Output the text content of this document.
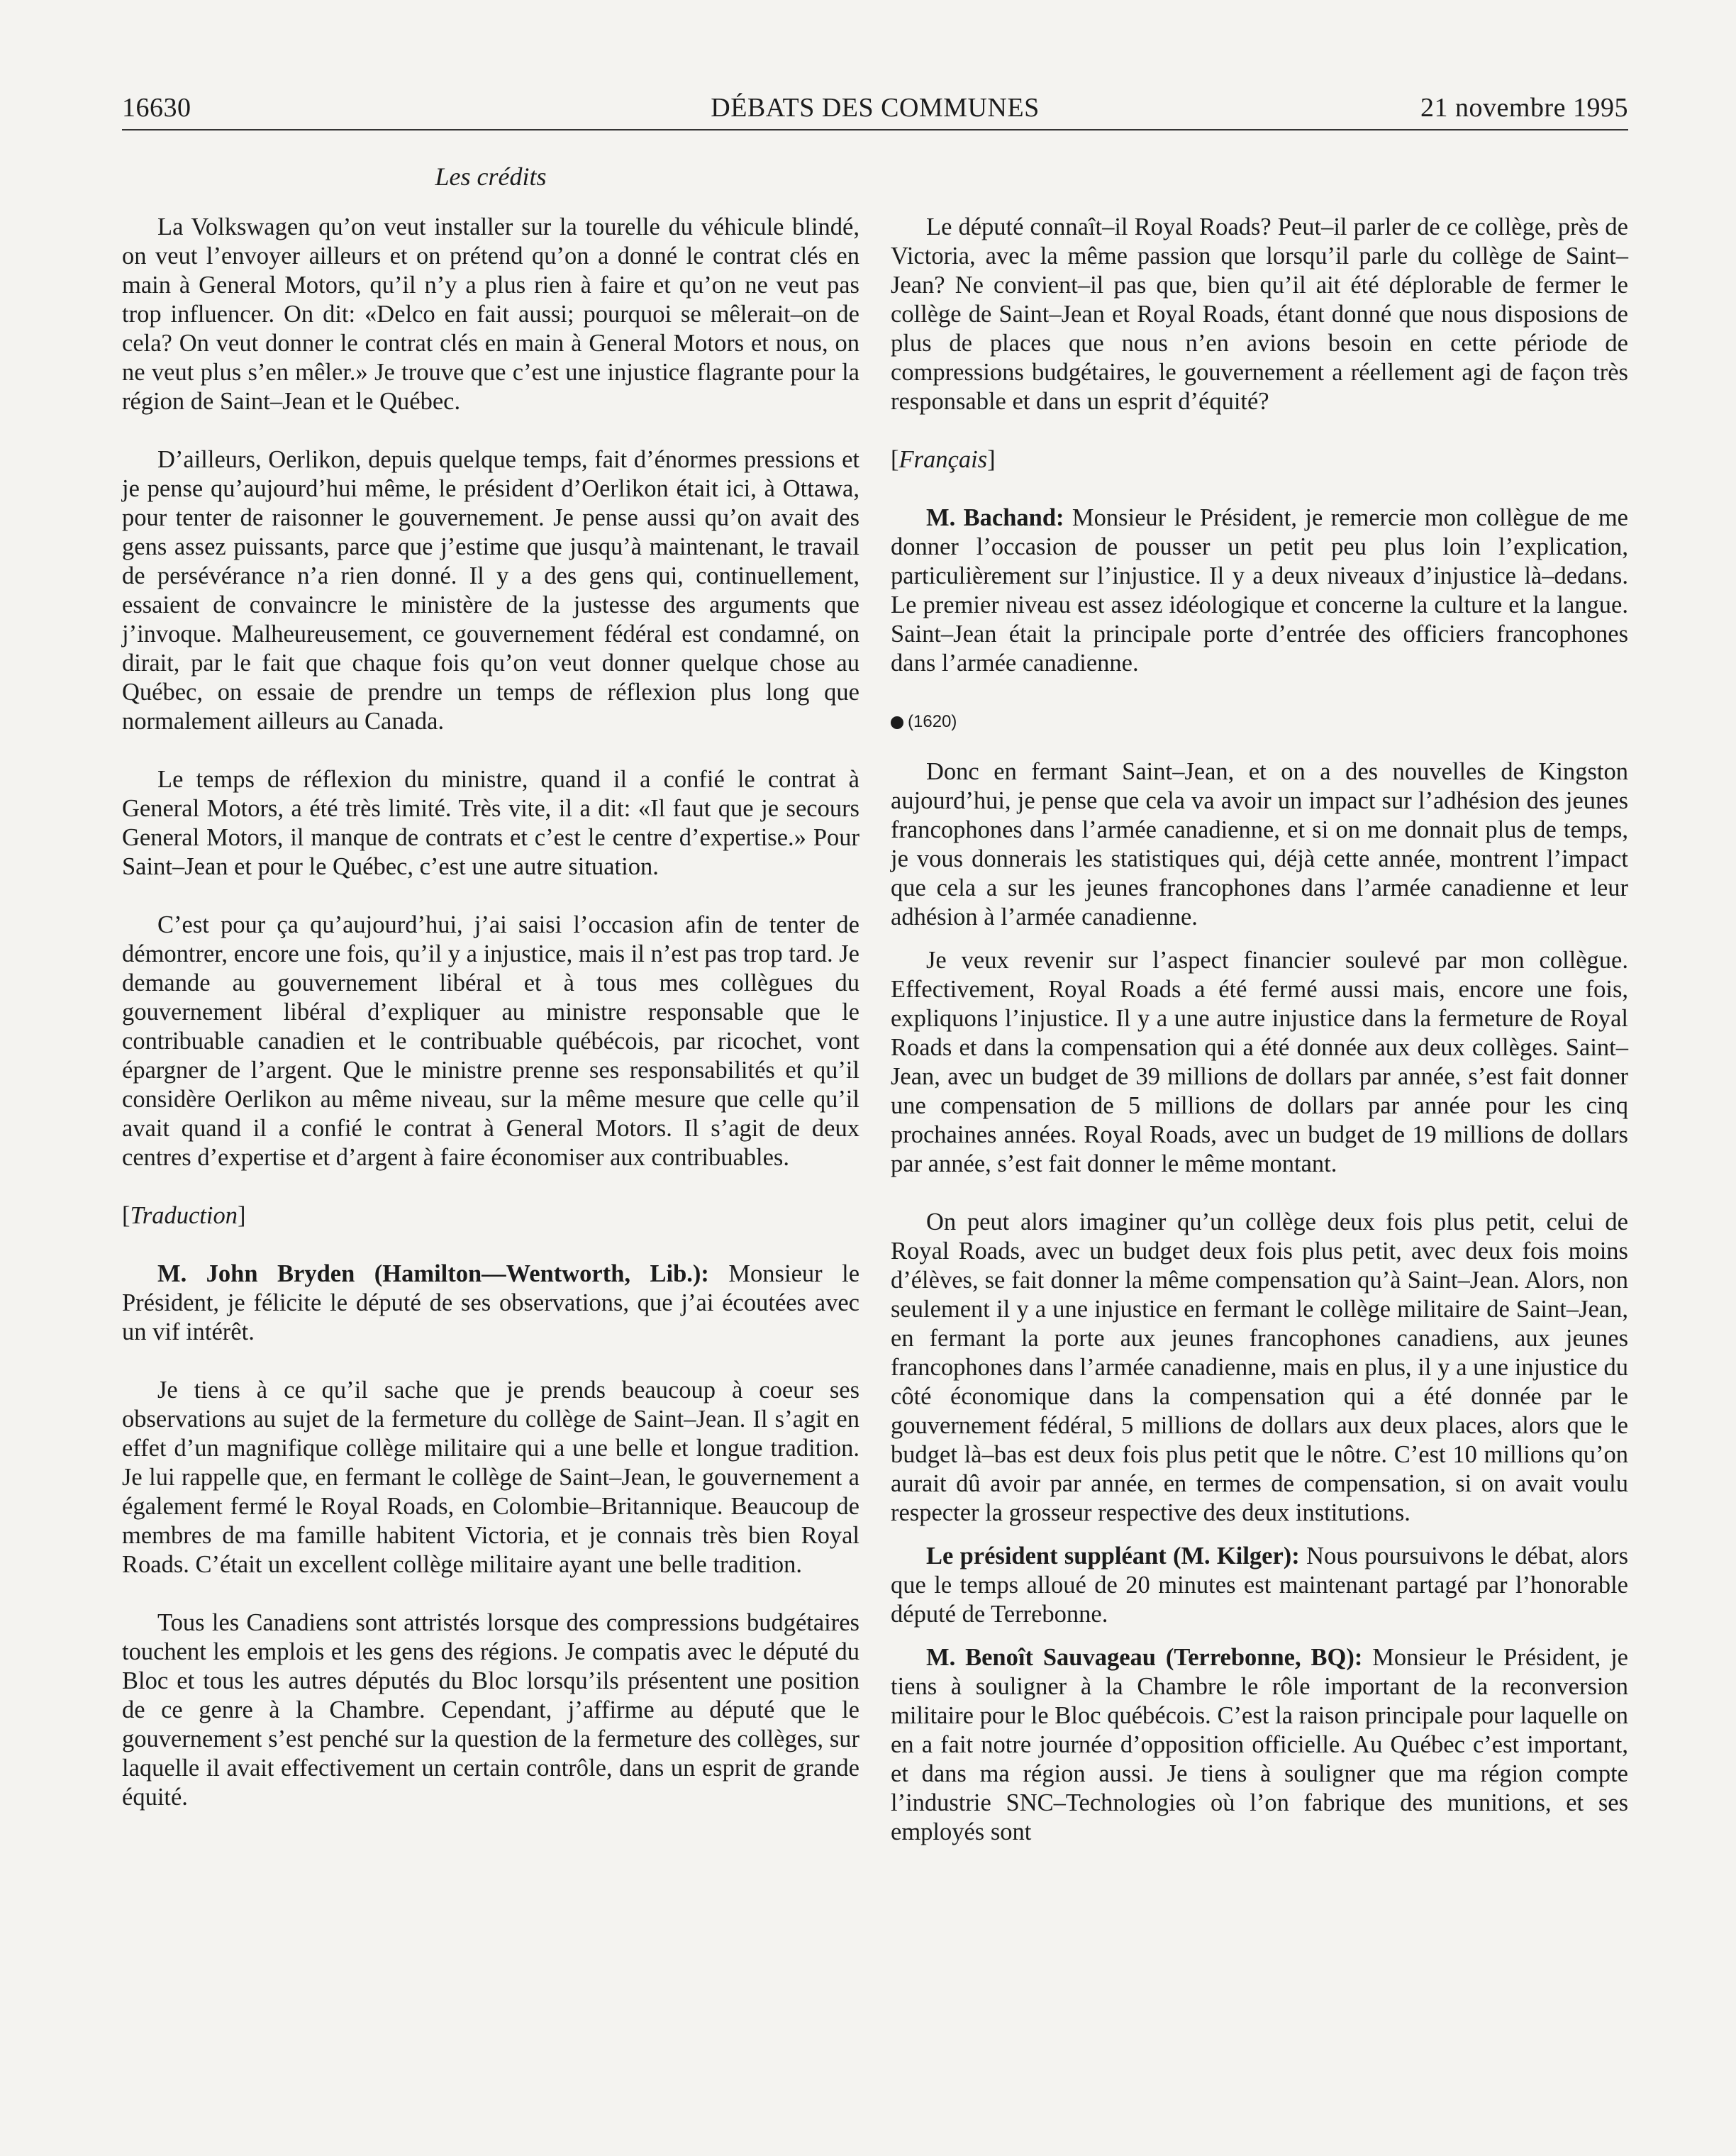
16630	DÉBATS DES COMMUNES	21 novembre 1995
Les crédits

La Volkswagen qu’on veut installer sur la tourelle du véhicule blindé, on veut l’envoyer ailleurs et on prétend qu’on a donné le contrat clés en main à General Motors, qu’il n’y a plus rien à faire et qu’on ne veut pas trop influencer. On dit: «Delco en fait aussi; pourquoi se mêlerait–on de cela? On veut donner le contrat clés en main à General Motors et nous, on ne veut plus s’en mêler.» Je trouve que c’est une injustice flagrante pour la région de Saint–Jean et le Québec.

D’ailleurs, Oerlikon, depuis quelque temps, fait d’énormes pressions et je pense qu’aujourd’hui même, le président d’Oerlikon était ici, à Ottawa, pour tenter de raisonner le gouvernement. Je pense aussi qu’on avait des gens assez puissants, parce que j’estime que jusqu’à maintenant, le travail de persévérance n’a rien donné. Il y a des gens qui, continuellement, essaient de convaincre le ministère de la justesse des arguments que j’invoque. Malheureusement, ce gouvernement fédéral est condamné, on dirait, par le fait que chaque fois qu’on veut donner quelque chose au Québec, on essaie de prendre un temps de réflexion plus long que normalement ailleurs au Canada.

Le temps de réflexion du ministre, quand il a confié le contrat à General Motors, a été très limité. Très vite, il a dit: «Il faut que je secours General Motors, il manque de contrats et c’est le centre d’expertise.» Pour Saint–Jean et pour le Québec, c’est une autre situation.

C’est pour ça qu’aujourd’hui, j’ai saisi l’occasion afin de tenter de démontrer, encore une fois, qu’il y a injustice, mais il n’est pas trop tard. Je demande au gouvernement libéral et à tous mes collègues du gouvernement libéral d’expliquer au ministre responsable que le contribuable canadien et le contribuable québécois, par ricochet, vont épargner de l’argent. Que le ministre prenne ses responsabilités et qu’il considère Oerlikon au même niveau, sur la même mesure que celle qu’il avait quand il a confié le contrat à General Motors. Il s’agit de deux centres d’expertise et d’argent à faire économiser aux contribuables.

[Traduction]

M. John Bryden (Hamilton—Wentworth, Lib.): Monsieur le Président, je félicite le député de ses observations, que j’ai écoutées avec un vif intérêt.

Je tiens à ce qu’il sache que je prends beaucoup à coeur ses observations au sujet de la fermeture du collège de Saint–Jean. Il s’agit en effet d’un magnifique collège militaire qui a une belle et longue tradition. Je lui rappelle que, en fermant le collège de Saint–Jean, le gouvernement a également fermé le Royal Roads, en Colombie–Britannique. Beaucoup de membres de ma famille habitent Victoria, et je connais très bien Royal Roads. C’était un excellent collège militaire ayant une belle tradition.

Tous les Canadiens sont attristés lorsque des compressions budgétaires touchent les emplois et les gens des régions. Je compatis avec le député du Bloc et tous les autres députés du Bloc lorsqu’ils présentent une position de ce genre à la Chambre. Cependant, j’affirme au député que le gouvernement s’est penché sur la question de la fermeture des collèges, sur laquelle il avait effectivement un certain contrôle, dans un esprit de grande équité.

Le député connaît–il Royal Roads? Peut–il parler de ce collège, près de Victoria, avec la même passion que lorsqu’il parle du collège de Saint–Jean? Ne convient–il pas que, bien qu’il ait été déplorable de fermer le collège de Saint–Jean et Royal Roads, étant donné que nous disposions de plus de places que nous n’en avions besoin en cette période de compressions budgétaires, le gouvernement a réellement agi de façon très responsable et dans un esprit d’équité?

[Français]

M. Bachand: Monsieur le Président, je remercie mon collègue de me donner l’occasion de pousser un petit peu plus loin l’explication, particulièrement sur l’injustice. Il y a deux niveaux d’injustice là–dedans. Le premier niveau est assez idéologique et concerne la culture et la langue. Saint–Jean était la principale porte d’entrée des officiers francophones dans l’armée canadienne.

(1620)

Donc en fermant Saint–Jean, et on a des nouvelles de Kingston aujourd’hui, je pense que cela va avoir un impact sur l’adhésion des jeunes francophones dans l’armée canadienne, et si on me donnait plus de temps, je vous donnerais les statistiques qui, déjà cette année, montrent l’impact que cela a sur les jeunes francophones dans l’armée canadienne et leur adhésion à l’armée canadienne.

Je veux revenir sur l’aspect financier soulevé par mon collègue. Effectivement, Royal Roads a été fermé aussi mais, encore une fois, expliquons l’injustice. Il y a une autre injustice dans la fermeture de Royal Roads et dans la compensation qui a été donnée aux deux collèges. Saint–Jean, avec un budget de 39 millions de dollars par année, s’est fait donner une compensation de 5 millions de dollars par année pour les cinq prochaines années. Royal Roads, avec un budget de 19 millions de dollars par année, s’est fait donner le même montant.

On peut alors imaginer qu’un collège deux fois plus petit, celui de Royal Roads, avec un budget deux fois plus petit, avec deux fois moins d’élèves, se fait donner la même compensation qu’à Saint–Jean. Alors, non seulement il y a une injustice en fermant le collège militaire de Saint–Jean, en fermant la porte aux jeunes francophones canadiens, aux jeunes francophones dans l’armée canadienne, mais en plus, il y a une injustice du côté économique dans la compensation qui a été donnée par le gouvernement fédéral, 5 millions de dollars aux deux places, alors que le budget là–bas est deux fois plus petit que le nôtre. C’est 10 millions qu’on aurait dû avoir par année, en termes de compensation, si on avait voulu respecter la grosseur respective des deux institutions.

Le président suppléant (M. Kilger): Nous poursuivons le débat, alors que le temps alloué de 20 minutes est maintenant partagé par l’honorable député de Terrebonne.

M. Benoît Sauvageau (Terrebonne, BQ): Monsieur le Président, je tiens à souligner à la Chambre le rôle important de la reconversion militaire pour le Bloc québécois. C’est la raison principale pour laquelle on en a fait notre journée d’opposition officielle. Au Québec c’est important, et dans ma région aussi. Je tiens à souligner que ma région compte l’industrie SNC–Technologies où l’on fabrique des munitions, et ses employés sont
